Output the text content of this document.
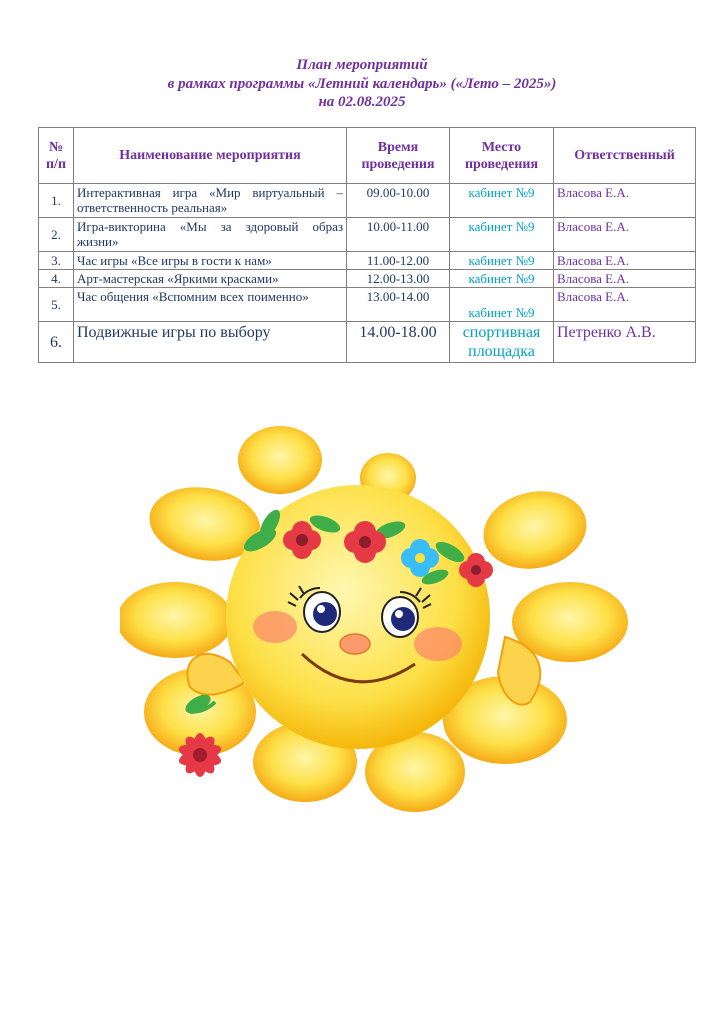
План мероприятий
в рамках программы «Летний календарь» («Лето – 2025»)
на 02.08.2025
№ п/п	Наименование мероприятия	Время проведения	Место проведения	Ответственный
1.	Интерактивная игра «Мир виртуальный – ответственность реальная»	09.00-10.00	кабинет №9	Власова Е.А.
2.	Игра-викторина «Мы за здоровый образ жизни»	10.00-11.00	кабинет №9	Власова Е.А.
3.	Час игры «Все игры в гости к нам»	11.00-12.00	кабинет №9	Власова Е.А.
4.	Арт-мастерская «Яркими красками»	12.00-13.00	кабинет №9	Власова Е.А.
5.	Час общения «Вспомним всех поименно»	13.00-14.00	кабинет №9	Власова Е.А.
6.	Подвижные игры по выбору	14.00-18.00	спортивная площадка	Петренко А.В.
